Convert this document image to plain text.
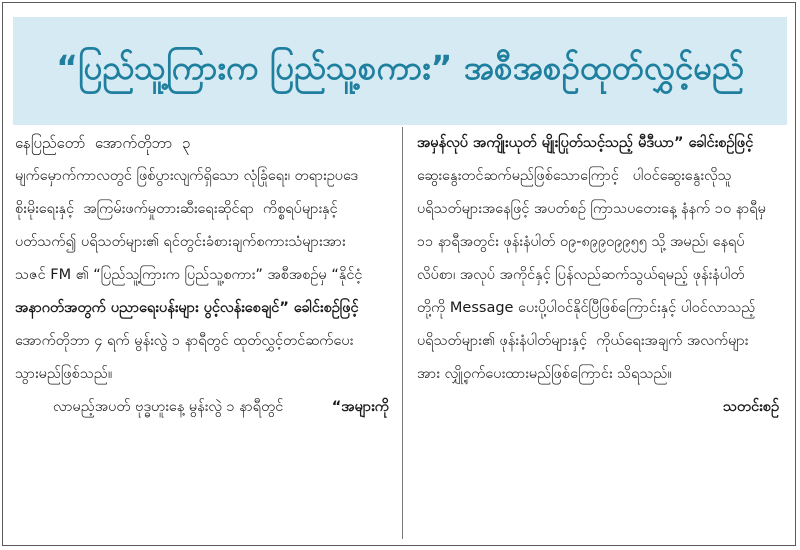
“ပြည်သူ့ကြားက ပြည်သူ့စကား” အစီအစဉ်ထုတ်လွှင့်မည်
နေပြည်တော်  အောက်တိုဘာ  ၃
မျက်မှောက်ကာလတွင် ဖြစ်ပွားလျက်ရှိသော လုံခြုံရေး၊ တရားဥပဒေ
စိုးမိုးရေးနှင့်  အကြမ်းဖက်မှုတားဆီးရေးဆိုင်ရာ  ကိစ္စရပ်များနှင့်
ပတ်သက်၍ ပရိသတ်များ၏ ရင်တွင်းခံစားချက်စကားသံများအား
သဇင် FM ၏ “ပြည်သူ့ကြားက ပြည်သူ့စကား” အစီအစဉ်မှ “နိုင်ငံ့
အနာဂတ်အတွက် ပညာရေးပန်းများ ပွင့်လန်းစေချင်” ခေါင်းစဉ်ဖြင့်
အောက်တိုဘာ ၄ ရက် မွန်းလွဲ ၁ နာရီတွင် ထုတ်လွှင့်တင်ဆက်ပေး
သွားမည်ဖြစ်သည်။
လာမည့်အပတ် ဗုဒ္ဓဟူးနေ့ မွန်းလွဲ ၁ နာရီတွင်	“အများကို
အမှန်လုပ် အကျိုးယုတ် မျိုးပြုတ်သင့်သည့် မီဒီယာ” ခေါင်းစဉ်ဖြင့်
ဆွေးနွေးတင်ဆက်မည်ဖြစ်သောကြောင့်   ပါဝင်ဆွေးနွေးလိုသူ
ပရိသတ်များအနေဖြင့် အပတ်စဉ် ကြာသပတေးနေ့ နံနက် ၁၀ နာရီမှ
၁၁ နာရီအတွင်း ဖုန်းနံပါတ် ၀၉-၈၉၉၀၉၉၅၅ သို့ အမည်၊ နေရပ်
လိပ်စာ၊ အလုပ် အကိုင်နှင့် ပြန်လည်ဆက်သွယ်ရမည့် ဖုန်းနံပါတ်
တို့ကို Message ပေးပို့ပါဝင်နိုင်ပြီဖြစ်ကြောင်းနှင့် ပါဝင်လာသည့်
ပရိသတ်များ၏ ဖုန်းနံပါတ်များနှင့်  ကိုယ်ရေးအချက် အလက်များ
အား လျှို့ဝှက်ပေးထားမည်ဖြစ်ကြောင်း သိရသည်။
သတင်းစဉ်
